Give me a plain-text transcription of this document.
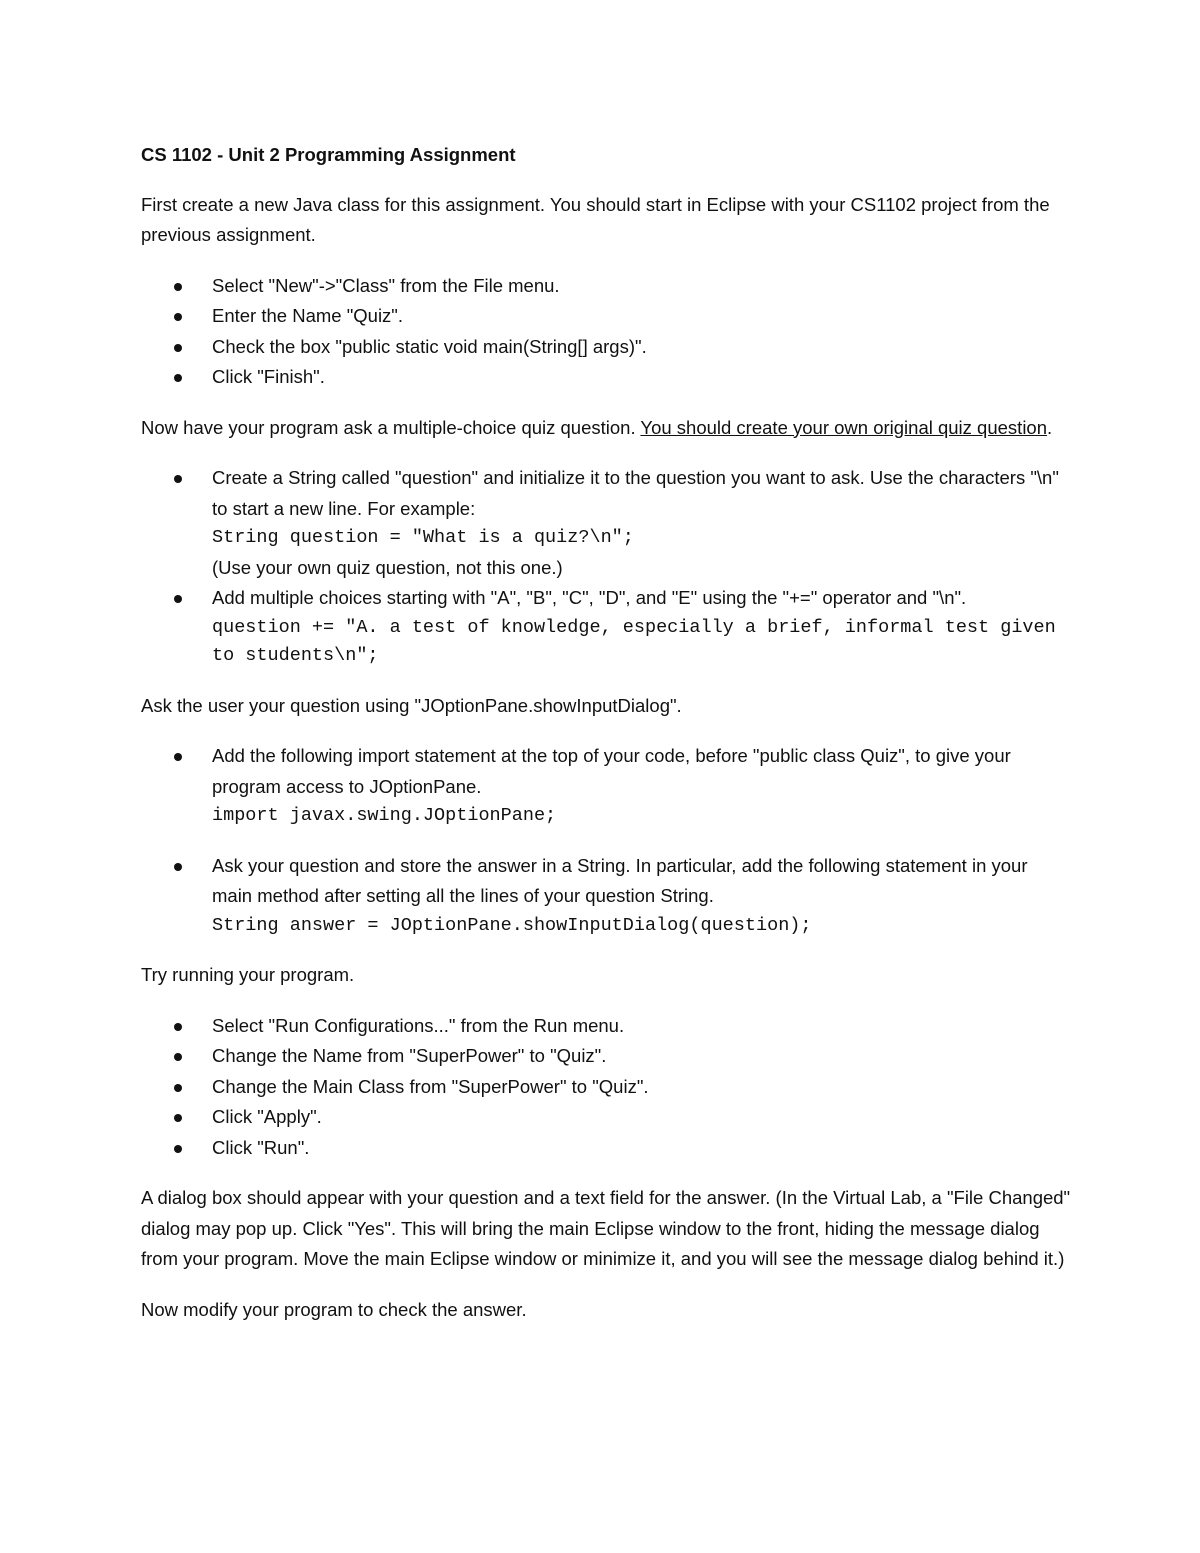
CS 1102 - Unit 2 Programming Assignment

First create a new Java class for this assignment. You should start in Eclipse with your CS1102 project from the previous assignment.

Select "New"->"Class" from the File menu.
Enter the Name "Quiz".
Check the box "public static void main(String[] args)".
Click "Finish".

Now have your program ask a multiple-choice quiz question. You should create your own original quiz question.

Create a String called "question" and initialize it to the question you want to ask. Use the characters "\n" to start a new line. For example:
String question = "What is a quiz?\n";
(Use your own quiz question, not this one.)
Add multiple choices starting with "A", "B", "C", "D", and "E" using the "+=" operator and "\n".
question += "A. a test of knowledge, especially a brief, informal test given to students\n";

Ask the user your question using "JOptionPane.showInputDialog".

Add the following import statement at the top of your code, before "public class Quiz", to give your program access to JOptionPane.
import javax.swing.JOptionPane;
Ask your question and store the answer in a String. In particular, add the following statement in your main method after setting all the lines of your question String.
String answer = JOptionPane.showInputDialog(question);

Try running your program.

Select "Run Configurations..." from the Run menu.
Change the Name from "SuperPower" to "Quiz".
Change the Main Class from "SuperPower" to "Quiz".
Click "Apply".
Click "Run".

A dialog box should appear with your question and a text field for the answer. (In the Virtual Lab, a "File Changed" dialog may pop up. Click "Yes". This will bring the main Eclipse window to the front, hiding the message dialog from your program. Move the main Eclipse window or minimize it, and you will see the message dialog behind it.)

Now modify your program to check the answer.
